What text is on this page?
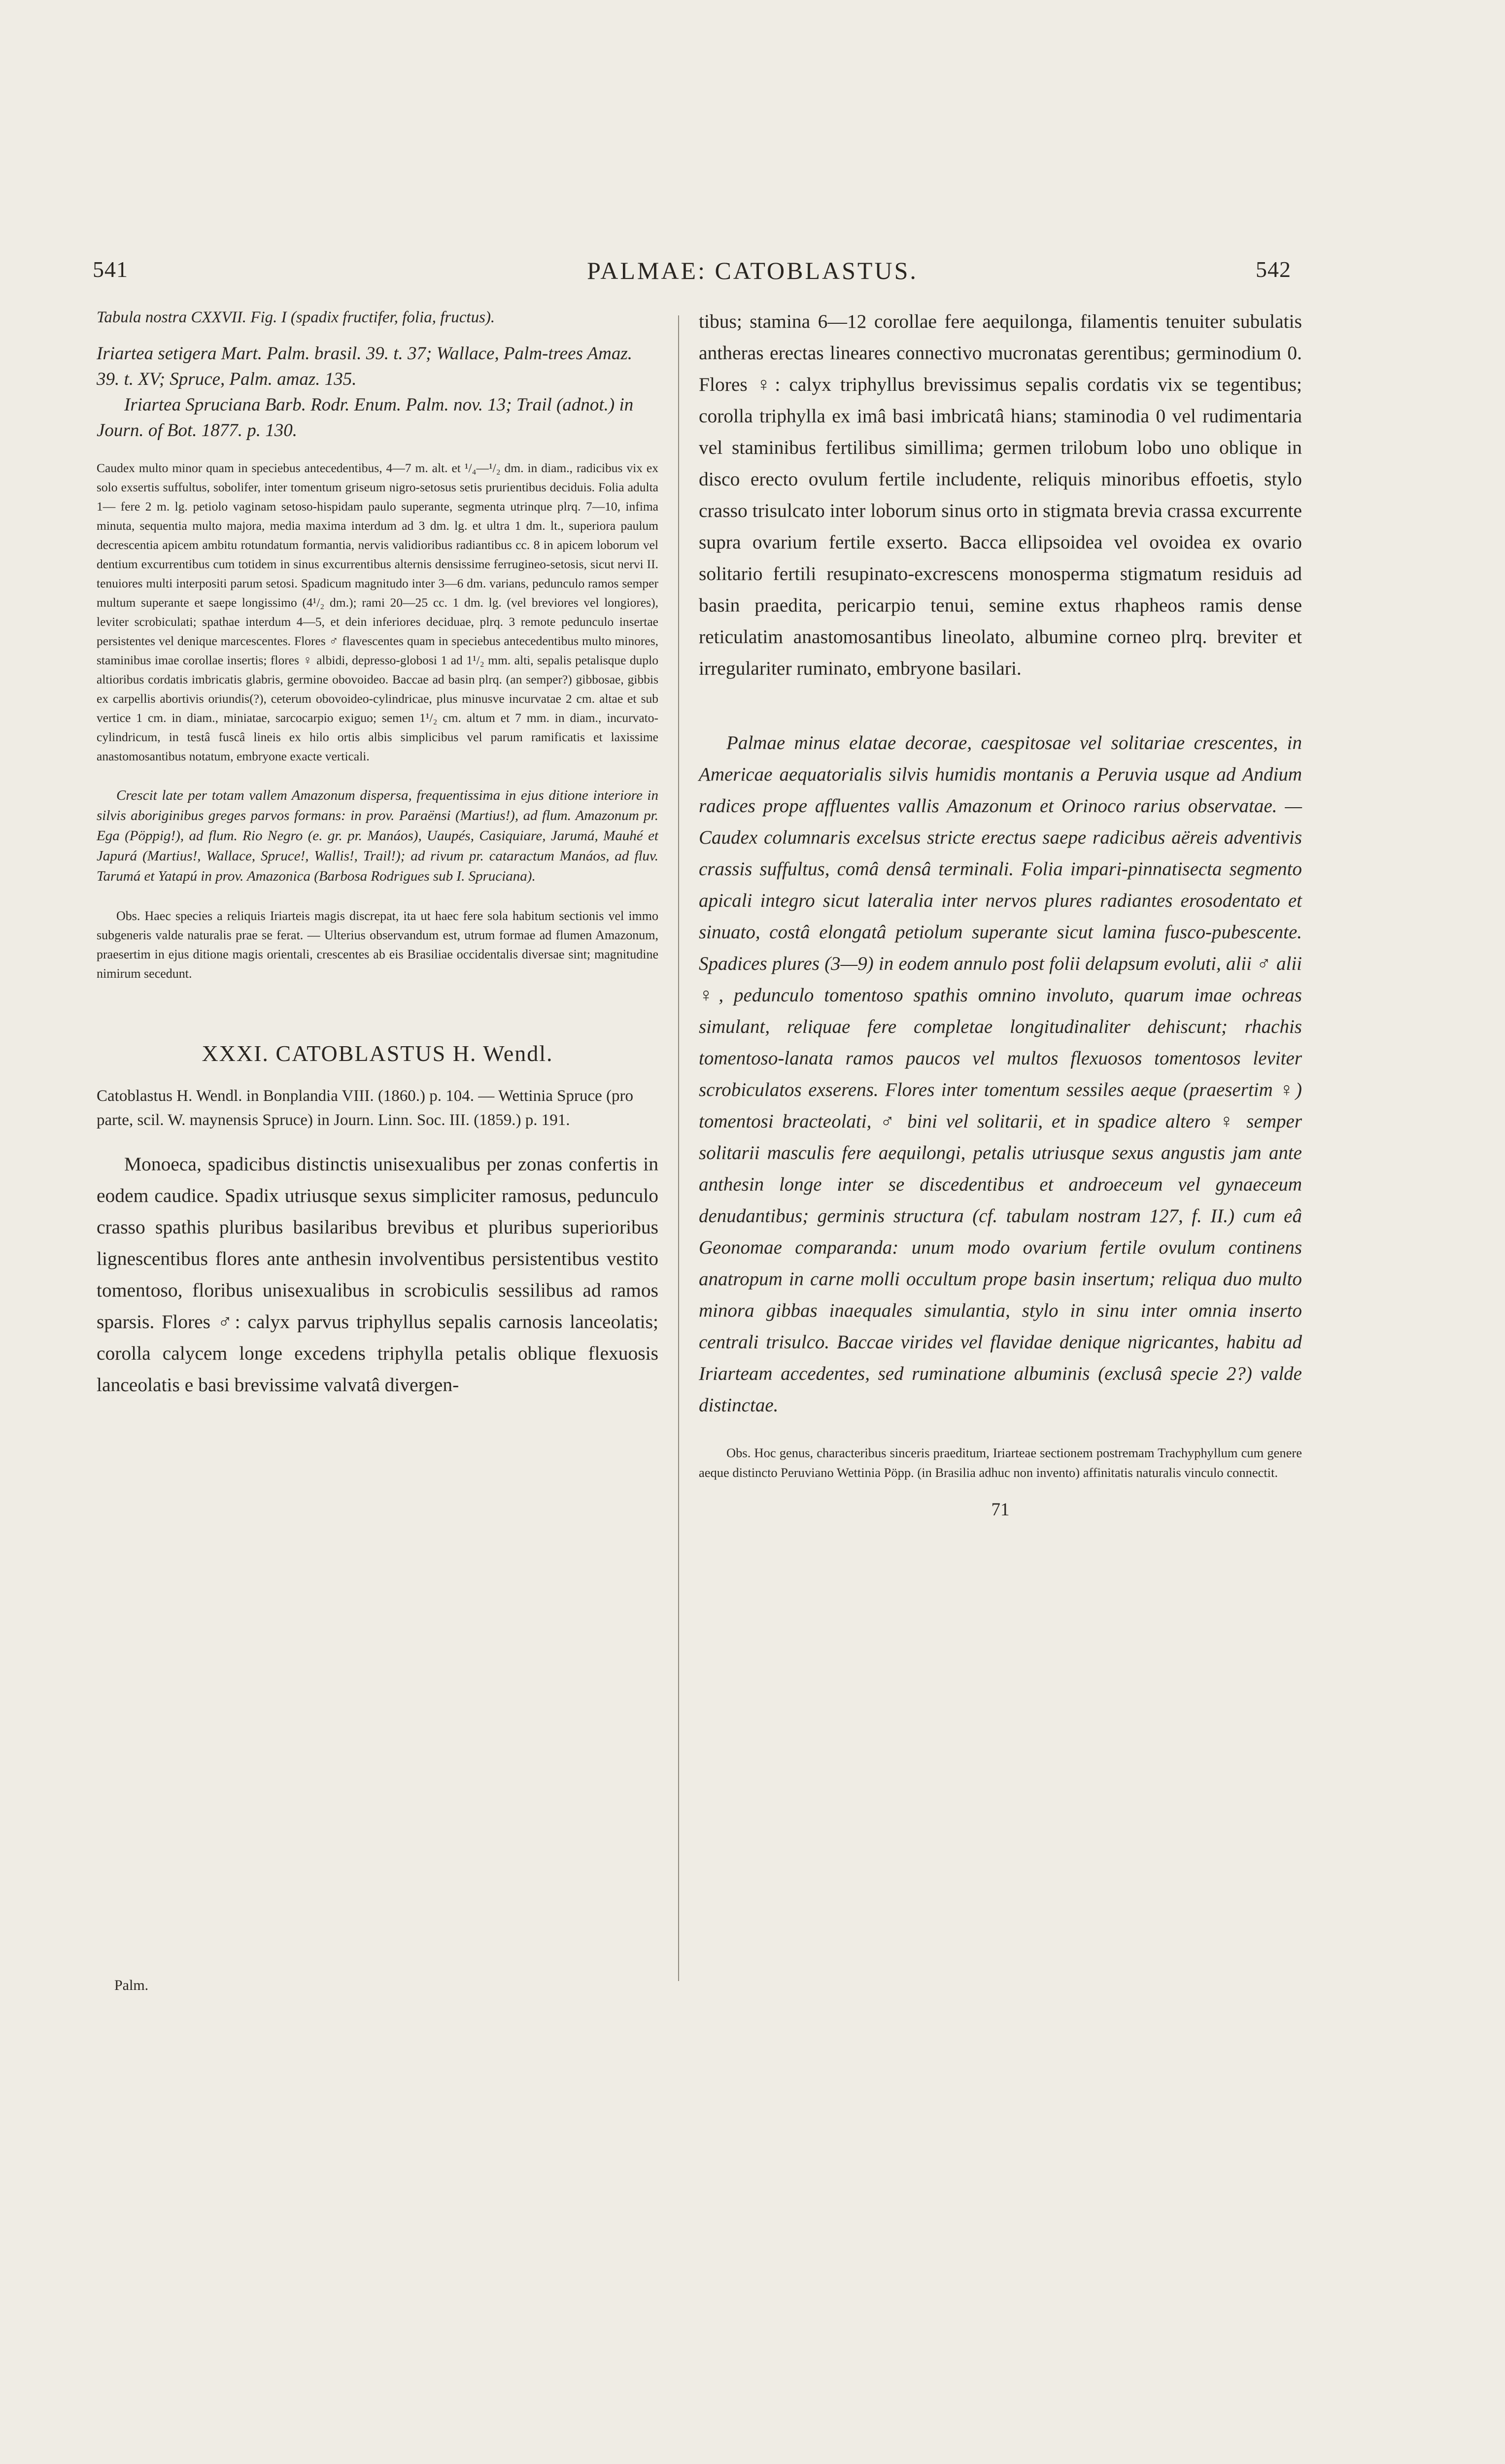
541	PALMAE: CATOBLASTUS.	542

Tabula nostra CXXVII. Fig. I (spadix fructifer, folia, fructus).

Iriartea setigera Mart. Palm. brasil. 39. t. 37; Wallace, Palm-trees Amaz. 39. t. XV; Spruce, Palm. amaz. 135.

Iriartea Spruciana Barb. Rodr. Enum. Palm. nov. 13; Trail (adnot.) in Journ. of Bot. 1877. p. 130.

Caudex multo minor quam in speciebus antecedentibus, 4—7 m. alt. et ¹/₄—¹/₂ dm. in diam., radicibus vix ex solo exsertis suffultus, sobolifer, inter tomentum griseum nigro-setosus setis prurientibus deciduis. Folia adulta 1— fere 2 m. lg. petiolo vaginam setoso-hispidam paulo superante, segmenta utrinque plrq. 7—10, infima minuta, sequentia multo majora, media maxima interdum ad 3 dm. lg. et ultra 1 dm. lt., superiora paulum decrescentia apicem ambitu rotundatum formantia, nervis validioribus radiantibus cc. 8 in apicem loborum vel dentium excurrentibus cum totidem in sinus excurrentibus alternis densissime ferrugineo-setosis, sicut nervi II. tenuiores multi interpositi parum setosi. Spadicum magnitudo inter 3—6 dm. varians, pedunculo ramos semper multum superante et saepe longissimo (4¹/₂ dm.); rami 20—25 cc. 1 dm. lg. (vel breviores vel longiores), leviter scrobiculati; spathae interdum 4—5, et dein inferiores deciduae, plrq. 3 remote pedunculo insertae persistentes vel denique marcescentes. Flores ♂ flavescentes quam in speciebus antecedentibus multo minores, staminibus imae corollae insertis; flores ♀ albidi, depresso-globosi 1 ad 1¹/₂ mm. alti, sepalis petalisque duplo altioribus cordatis imbricatis glabris, germine obovoideo. Baccae ad basin plrq. (an semper?) gibbosae, gibbis ex carpellis abortivis oriundis(?), ceterum obovoideo-cylindricae, plus minusve incurvatae 2 cm. altae et sub vertice 1 cm. in diam., miniatae, sarcocarpio exiguo; semen 1¹/₂ cm. altum et 7 mm. in diam., incurvato-cylindricum, in testâ fuscâ lineis ex hilo ortis albis simplicibus vel parum ramificatis et laxissime anastomosantibus notatum, embryone exacte verticali.

Crescit late per totam vallem Amazonum dispersa, frequentissima in ejus ditione interiore in silvis aboriginibus greges parvos formans: in prov. Paraënsi (Martius!), ad flum. Amazonum pr. Ega (Pöppig!), ad flum. Rio Negro (e. gr. pr. Manáos), Uaupés, Casiquiare, Jarumá, Mauhé et Japurá (Martius!, Wallace, Spruce!, Wallis!, Trail!); ad rivum pr. cataractum Manáos, ad fluv. Tarumá et Yatapú in prov. Amazonica (Barbosa Rodrigues sub I. Spruciana).

Obs. Haec species a reliquis Iriarteis magis discrepat, ita ut haec fere sola habitum sectionis vel immo subgeneris valde naturalis prae se ferat. — Ulterius observandum est, utrum formae ad flumen Amazonum, praesertim in ejus ditione magis orientali, crescentes ab eis Brasiliae occidentalis diversae sint; magnitudine nimirum secedunt.

XXXI. CATOBLASTUS H. Wendl.

Catoblastus H. Wendl. in Bonplandia VIII. (1860.) p. 104. — Wettinia Spruce (pro parte, scil. W. maynensis Spruce) in Journ. Linn. Soc. III. (1859.) p. 191.

Monoeca, spadicibus distinctis unisexualibus per zonas confertis in eodem caudice. Spadix utriusque sexus simpliciter ramosus, pedunculo crasso spathis pluribus basilaribus brevibus et pluribus superioribus lignescentibus flores ante anthesin involventibus persistentibus vestito tomentoso, floribus unisexualibus in scrobiculis sessilibus ad ramos sparsis. Flores ♂: calyx parvus triphyllus sepalis carnosis lanceolatis; corolla calycem longe excedens triphylla petalis oblique flexuosis lanceolatis e basi brevissime valvatâ divergen-

Palm.

tibus; stamina 6—12 corollae fere aequilonga, filamentis tenuiter subulatis antheras erectas lineares connectivo mucronatas gerentibus; germinodium 0. Flores ♀: calyx triphyllus brevissimus sepalis cordatis vix se tegentibus; corolla triphylla ex imâ basi imbricatâ hians; staminodia 0 vel rudimentaria vel staminibus fertilibus simillima; germen trilobum lobo uno oblique in disco erecto ovulum fertile includente, reliquis minoribus effoetis, stylo crasso trisulcato inter loborum sinus orto in stigmata brevia crassa excurrente supra ovarium fertile exserto. Bacca ellipsoidea vel ovoidea ex ovario solitario fertili resupinato-excrescens monosperma stigmatum residuis ad basin praedita, pericarpio tenui, semine extus rhapheos ramis dense reticulatim anastomosantibus lineolato, albumine corneo plrq. breviter et irregulariter ruminato, embryone basilari.

Palmae minus elatae decorae, caespitosae vel solitariae crescentes, in Americae aequatorialis silvis humidis montanis a Peruvia usque ad Andium radices prope affluentes vallis Amazonum et Orinoco rarius observatae. — Caudex columnaris excelsus stricte erectus saepe radicibus aëreis adventivis crassis suffultus, comâ densâ terminali. Folia impari-pinnatisecta segmento apicali integro sicut lateralia inter nervos plures radiantes erosodentato et sinuato, costâ elongatâ petiolum superante sicut lamina fusco-pubescente. Spadices plures (3—9) in eodem annulo post folii delapsum evoluti, alii ♂ alii ♀, pedunculo tomentoso spathis omnino involuto, quarum imae ochreas simulant, reliquae fere completae longitudinaliter dehiscunt; rhachis tomentoso-lanata ramos paucos vel multos flexuosos tomentosos leviter scrobiculatos exserens. Flores inter tomentum sessiles aeque (praesertim ♀) tomentosi bracteolati, ♂ bini vel solitarii, et in spadice altero ♀ semper solitarii masculis fere aequilongi, petalis utriusque sexus angustis jam ante anthesin longe inter se discedentibus et androeceum vel gynaeceum denudantibus; germinis structura (cf. tabulam nostram 127, f. II.) cum eâ Geonomae comparanda: unum modo ovarium fertile ovulum continens anatropum in carne molli occultum prope basin insertum; reliqua duo multo minora gibbas inaequales simulantia, stylo in sinu inter omnia inserto centrali trisulco. Baccae virides vel flavidae denique nigricantes, habitu ad Iriarteam accedentes, sed ruminatione albuminis (exclusâ specie 2?) valde distinctae.

Obs. Hoc genus, characteribus sinceris praeditum, Iriarteae sectionem postremam Trachyphyllum cum genere aeque distincto Peruviano Wettinia Pöpp. (in Brasilia adhuc non invento) affinitatis naturalis vinculo connectit.

71
